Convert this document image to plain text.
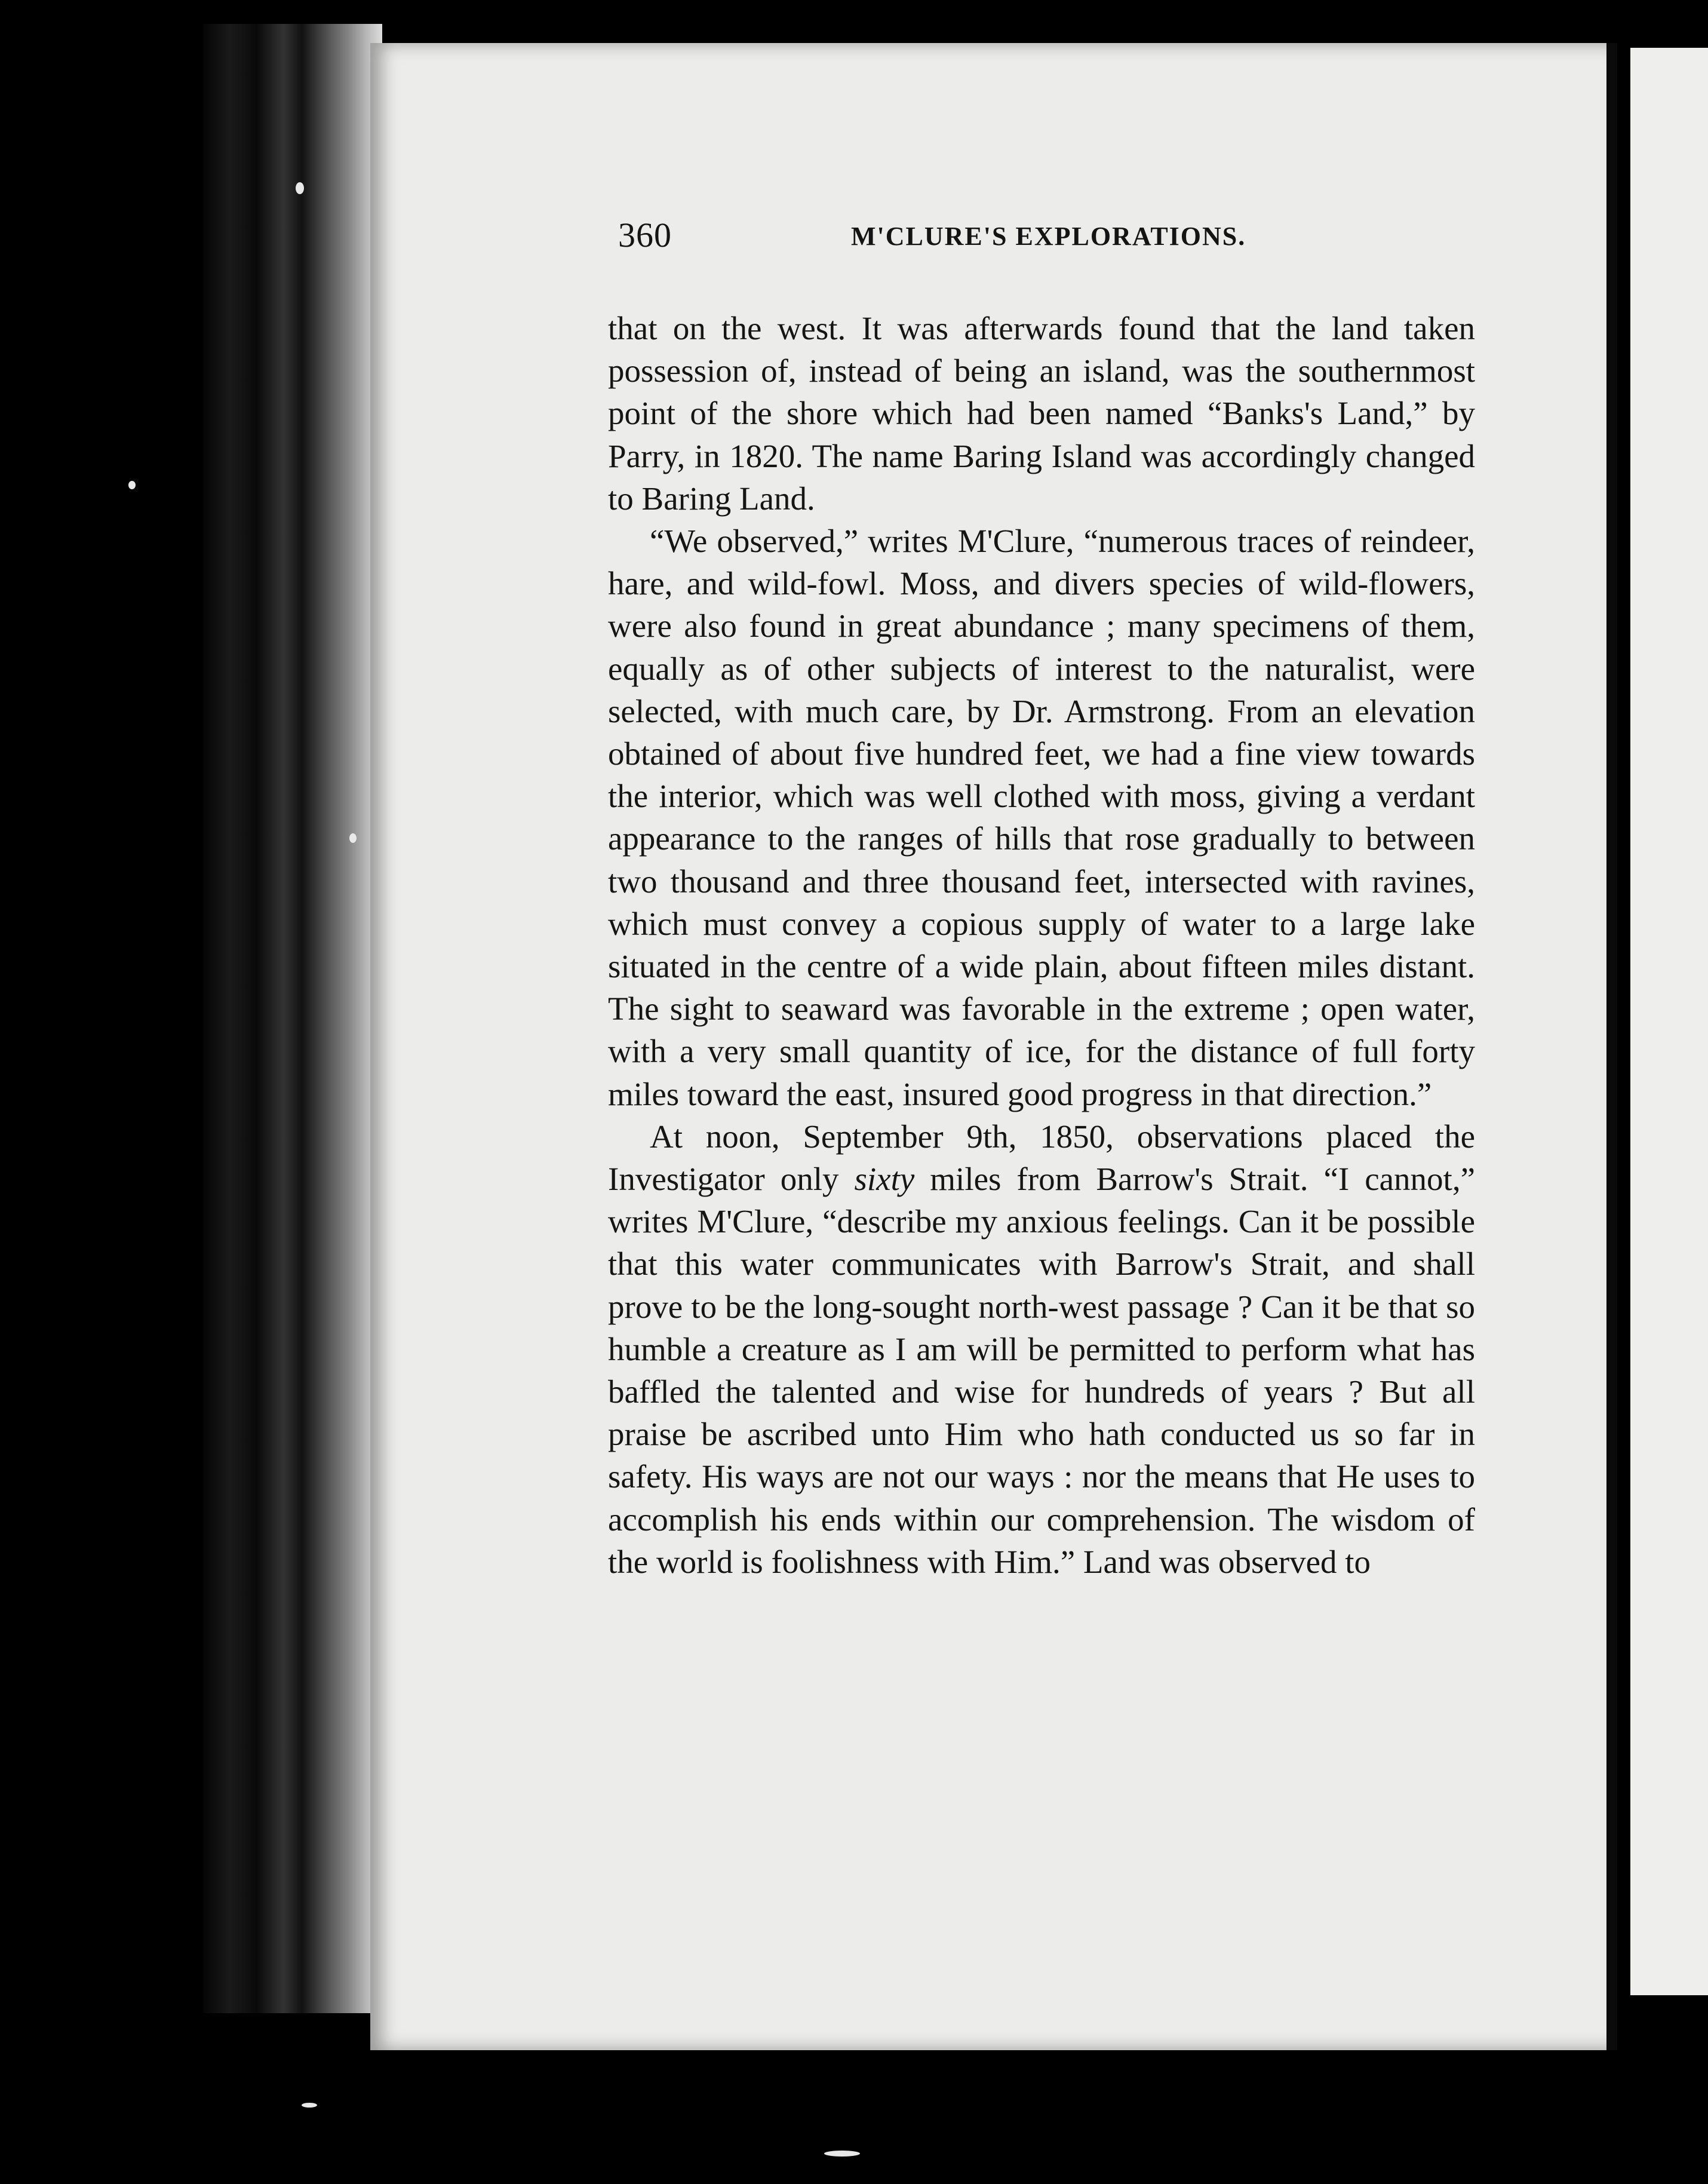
360	M'CLURE'S EXPLORATIONS.

that on the west. It was afterwards found that the land taken possession of, instead of being an island, was the southernmost point of the shore which had been named “Banks's Land,” by Parry, in 1820. The name Baring Island was accordingly changed to Baring Land.

“We observed,” writes M'Clure, “numerous traces of reindeer, hare, and wild-fowl. Moss, and divers species of wild-flowers, were also found in great abundance ; many specimens of them, equally as of other subjects of interest to the naturalist, were selected, with much care, by Dr. Armstrong. From an elevation obtained of about five hundred feet, we had a fine view towards the interior, which was well clothed with moss, giving a verdant appearance to the ranges of hills that rose gradually to between two thousand and three thousand feet, intersected with ravines, which must convey a copious supply of water to a large lake situated in the centre of a wide plain, about fifteen miles distant. The sight to seaward was favorable in the extreme ; open water, with a very small quantity of ice, for the distance of full forty miles toward the east, insured good progress in that direction.”

At noon, September 9th, 1850, observations placed the Investigator only sixty miles from Barrow's Strait. “I cannot,” writes M'Clure, “describe my anxious feelings. Can it be possible that this water communicates with Barrow's Strait, and shall prove to be the long-sought north-west passage ? Can it be that so humble a creature as I am will be permitted to perform what has baffled the talented and wise for hundreds of years ? But all praise be ascribed unto Him who hath conducted us so far in safety. His ways are not our ways : nor the means that He uses to accomplish his ends within our comprehension. The wisdom of the world is foolishness with Him.” Land was observed to
